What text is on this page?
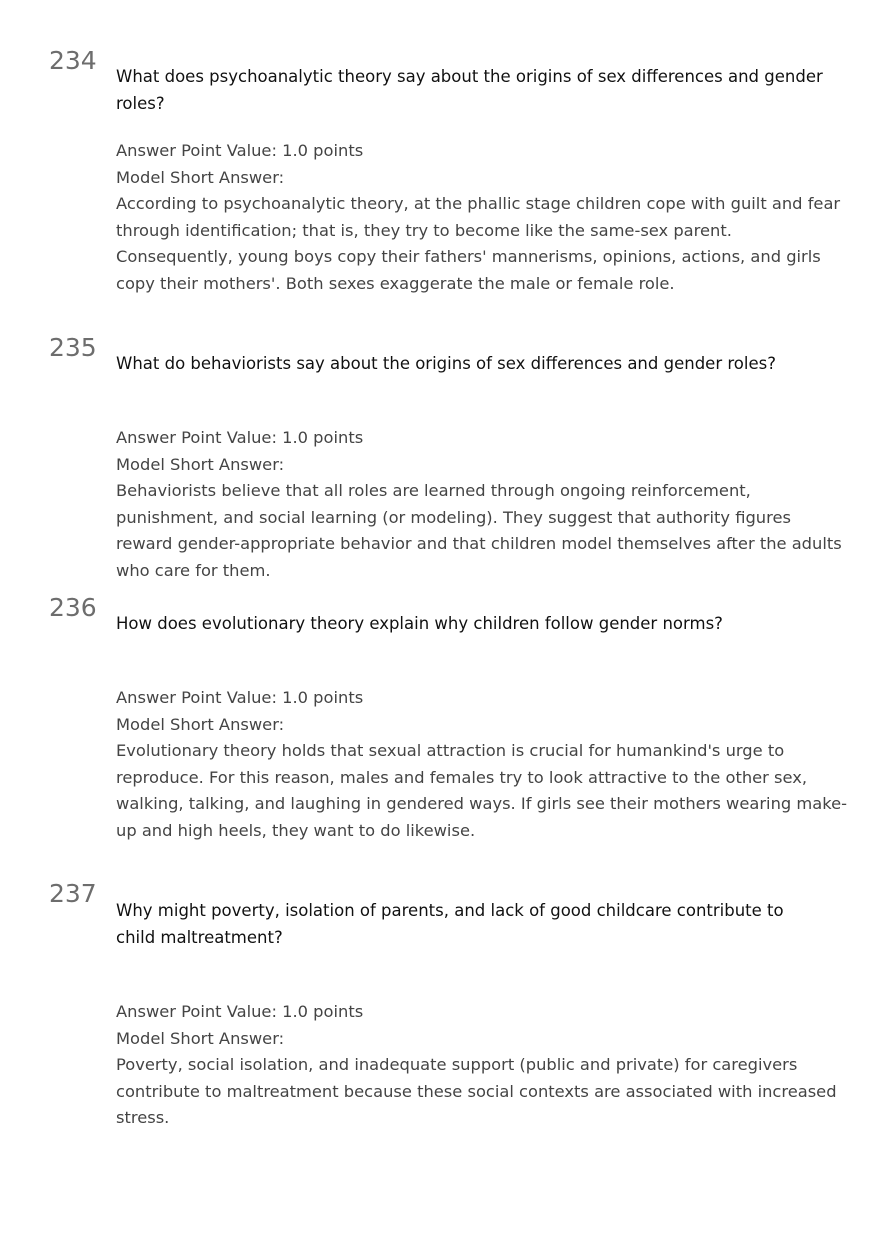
234
What does psychoanalytic theory say about the origins of sex differences and gender roles?
Answer Point Value: 1.0 points
Model Short Answer:
According to psychoanalytic theory, at the phallic stage children cope with guilt and fear through identification; that is, they try to become like the same-sex parent. Consequently, young boys copy their fathers' mannerisms, opinions, actions, and girls copy their mothers'. Both sexes exaggerate the male or female role.
235
What do behaviorists say about the origins of sex differences and gender roles?
Answer Point Value: 1.0 points
Model Short Answer:
Behaviorists believe that all roles are learned through ongoing reinforcement, punishment, and social learning (or modeling). They suggest that authority figures reward gender-appropriate behavior and that children model themselves after the adults who care for them.
236
How does evolutionary theory explain why children follow gender norms?
Answer Point Value: 1.0 points
Model Short Answer:
Evolutionary theory holds that sexual attraction is crucial for humankind's urge to reproduce. For this reason, males and females try to look attractive to the other sex, walking, talking, and laughing in gendered ways. If girls see their mothers wearing make-up and high heels, they want to do likewise.
237
Why might poverty, isolation of parents, and lack of good childcare contribute to child maltreatment?
Answer Point Value: 1.0 points
Model Short Answer:
Poverty, social isolation, and inadequate support (public and private) for caregivers contribute to maltreatment because these social contexts are associated with increased stress.
